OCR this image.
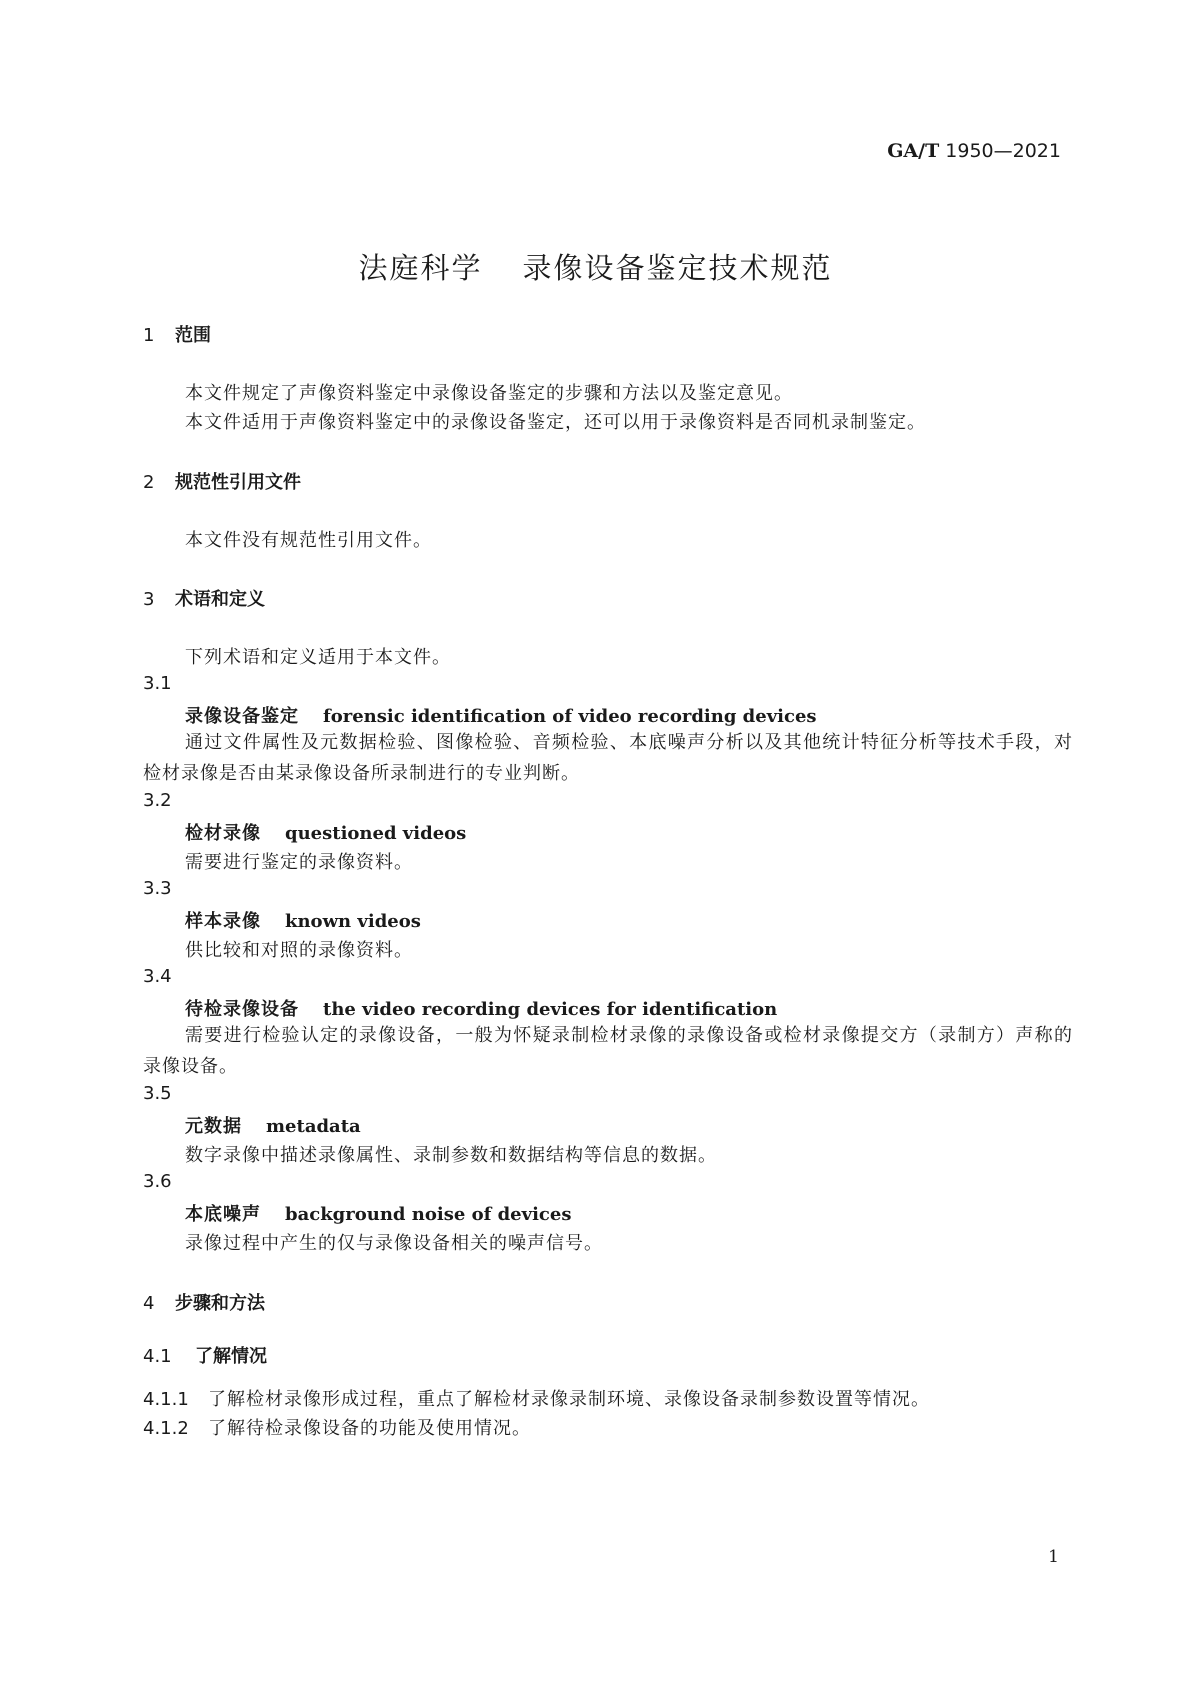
GA/T 1950—2021
法庭科学 录像设备鉴定技术规范
1 范围
本文件规定了声像资料鉴定中录像设备鉴定的步骤和方法以及鉴定意见。
本文件适用于声像资料鉴定中的录像设备鉴定，还可以用于录像资料是否同机录制鉴定。
2 规范性引用文件
本文件没有规范性引用文件。
3 术语和定义
下列术语和定义适用于本文件。
3.1
录像设备鉴定 forensic identification of video recording devices
通过文件属性及元数据检验、图像检验、音频检验、本底噪声分析以及其他统计特征分析等技术手段，对检材录像是否由某录像设备所录制进行的专业判断。
3.2
检材录像 questioned videos
需要进行鉴定的录像资料。
3.3
样本录像 known videos
供比较和对照的录像资料。
3.4
待检录像设备 the video recording devices for identification
需要进行检验认定的录像设备，一般为怀疑录制检材录像的录像设备或检材录像提交方（录制方）声称的录像设备。
3.5
元数据 metadata
数字录像中描述录像属性、录制参数和数据结构等信息的数据。
3.6
本底噪声 background noise of devices
录像过程中产生的仅与录像设备相关的噪声信号。
4 步骤和方法
4.1 了解情况
4.1.1 了解检材录像形成过程，重点了解检材录像录制环境、录像设备录制参数设置等情况。
4.1.2 了解待检录像设备的功能及使用情况。
1
